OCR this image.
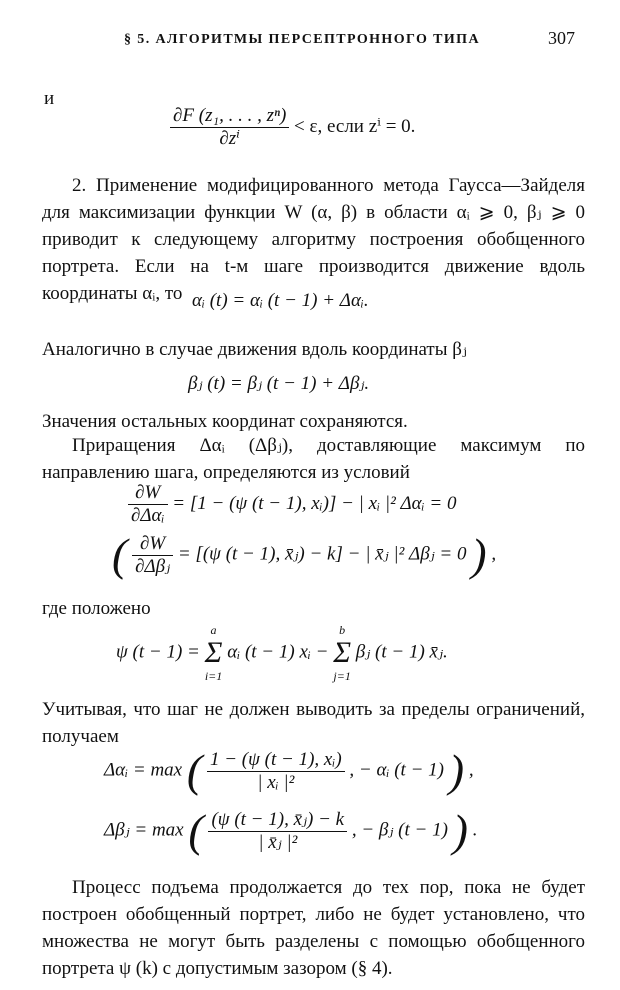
§ 5. АЛГОРИТМЫ ПЕРСЕПТРОННОГО ТИПА	307
и
$\frac{\text{∂F (z₁, . . . , zⁿ)}}{\text{∂zⁱ}} < \varepsilon$, если zⁱ = 0.
2. Применение модифицированного метода Гаусса—Зайделя для максимизации функции W (α, β) в области αᵢ ⩾ 0, βⱼ ⩾ 0 приводит к следующему алгоритму построения обобщенного портрета. Если на t-м шаге производится движение вдоль координаты αᵢ, то αᵢ (t) = αᵢ (t − 1) + Δαᵢ.
Аналогично в случае движения вдоль координаты βⱼ
βⱼ (t) = βⱼ (t − 1) + Δβⱼ.
Значения остальных координат сохраняются.
Приращения Δαᵢ (Δβⱼ), доставляющие максимум по направлению шага, определяются из условий
$\frac{\partial W}{\text{∂Δαᵢ}} = [1 - (\psi$ (t − 1), xᵢ)] − | xᵢ |² Δαᵢ = 0
( $\frac{\partial W}{\text{∂Δβⱼ}} = [(\psi$ (t − 1), x̄ⱼ) − k] − | x̄ⱼ |² Δβⱼ = 0 ) ,
где положено
ψ (t − 1) =
a
Σ
i=1
αᵢ (t − 1) xᵢ −
b
Σ
j=1
βⱼ (t − 1) x̄ⱼ.
Учитывая, что шаг не должен выводить за пределы ограничений, получаем
Δαᵢ = max ( $\frac{\text{1 − (ψ (t − 1), xᵢ)}}{\text{| xᵢ |²}}$ , − αᵢ (t − 1) ) ,
Δβⱼ = max ( $\frac{\text{(ψ (t − 1), x̄ⱼ) − k}}{\text{| x̄ⱼ |²}}$ , − βⱼ (t − 1) ) .
Процесс подъема продолжается до тех пор, пока не будет построен обобщенный портрет, либо не будет установлено, что множества не могут быть разделены с помощью обобщенного портрета ψ (k) с допустимым зазором (§ 4).
